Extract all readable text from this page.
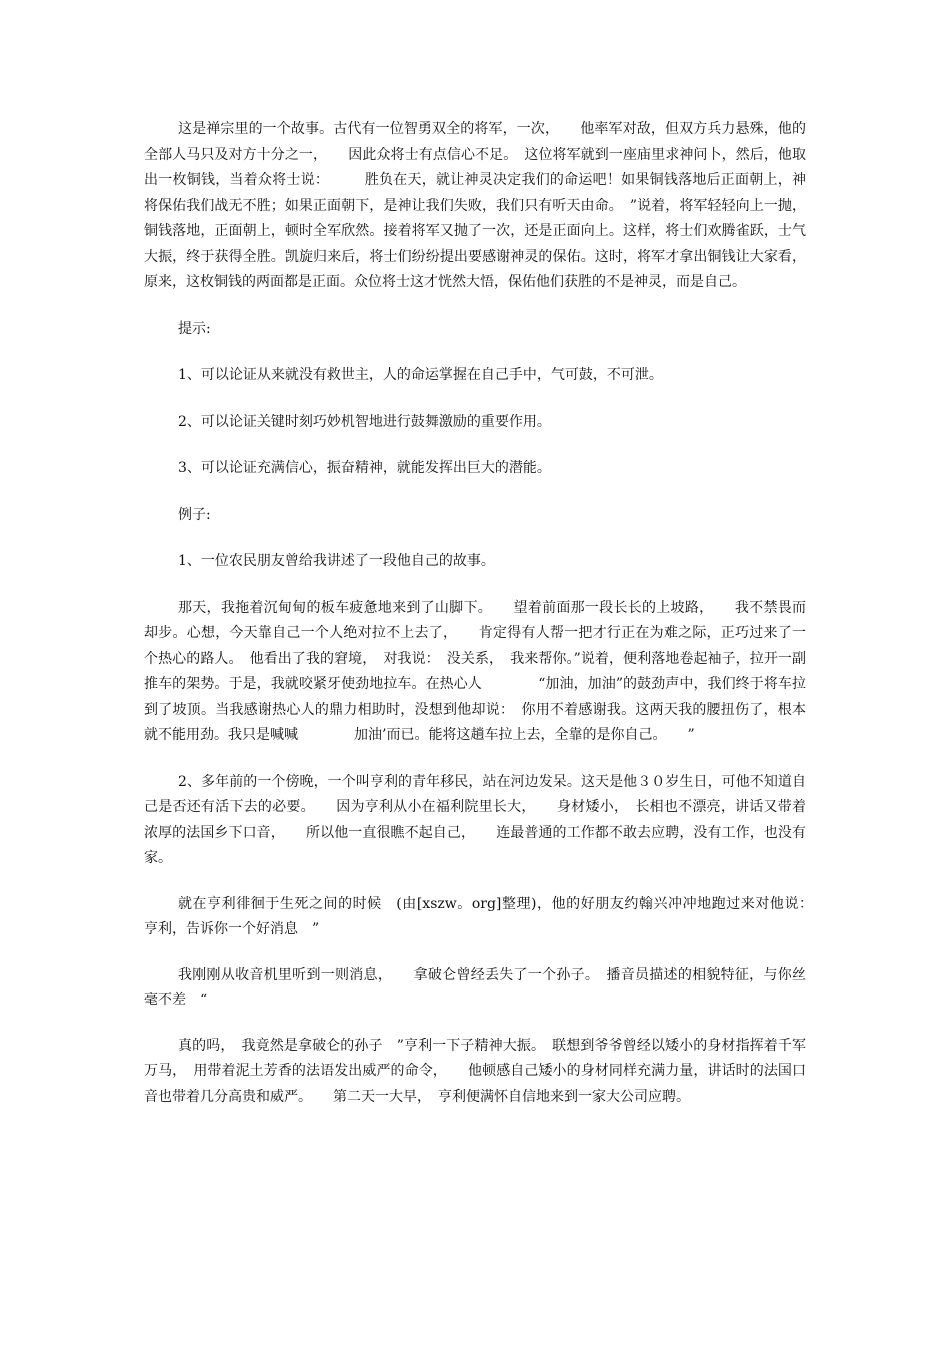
这是禅宗里的一个故事。古代有一位智勇双全的将军，一次，　　他率军对敌，但双方兵力悬殊，他的全部人马只及对方十分之一，　　因此众将士有点信心不足。　这位将军就到一座庙里求神问卜，然后，他取出一枚铜钱，当着众将士说：　　　胜负在天，就让神灵决定我们的命运吧！如果铜钱落地后正面朝上，神将保佑我们战无不胜；如果正面朝下，是神让我们失败，我们只有听天由命。　”说着，将军轻轻向上一抛，铜钱落地，正面朝上，顿时全军欣然。接着将军又抛了一次，还是正面向上。这样，将士们欢腾雀跃，士气大振，终于获得全胜。凯旋归来后，将士们纷纷提出要感谢神灵的保佑。这时，将军才拿出铜钱让大家看，原来，这枚铜钱的两面都是正面。众位将士这才恍然大悟，保佑他们获胜的不是神灵，而是自己。

提示:

1、可以论证从来就没有救世主，人的命运掌握在自己手中，气可鼓，不可泄。

2、可以论证关键时刻巧妙机智地进行鼓舞激励的重要作用。

3、可以论证充满信心，振奋精神，就能发挥出巨大的潜能。

例子:

1、一位农民朋友曾给我讲述了一段他自己的故事。

那天，我拖着沉甸甸的板车疲惫地来到了山脚下。　　望着前面那一段长长的上坡路，　　我不禁畏而却步。心想，今天靠自己一个人绝对拉不上去了，　　肯定得有人帮一把才行正在为难之际，正巧过来了一个热心的路人。　他看出了我的窘境，　对我说：　没关系，　我来帮你。”说着，便利落地卷起袖子，拉开一副推车的架势。于是，我就咬紧牙使劲地拉车。在热心人　　　　“加油，加油”的鼓劲声中，我们终于将车拉到了坡顶。当我感谢热心人的鼎力相助时，没想到他却说：　你用不着感谢我。这两天我的腰扭伤了，根本就不能用劲。我只是喊喊　　　　加油’而已。能将这趟车拉上去，全靠的是你自己。　　”

2、多年前的一个傍晚，一个叫亨利的青年移民，站在河边发呆。这天是他３０岁生日，可他不知道自己是否还有活下去的必要。　　因为亨利从小在福利院里长大，　　身材矮小，　长相也不漂亮，讲话又带着浓厚的法国乡下口音，　　所以他一直很瞧不起自己，　　连最普通的工作都不敢去应聘，没有工作，也没有家。

就在亨利徘徊于生死之间的时候　(由[xszw。org]整理)，他的好朋友约翰兴冲冲地跑过来对他说：　亨利，告诉你一个好消息　”

我刚刚从收音机里听到一则消息，　　拿破仑曾经丢失了一个孙子。　播音员描述的相貌特征，与你丝毫不差　“

真的吗，　我竟然是拿破仑的孙子　”亨利一下子精神大振。　联想到爷爷曾经以矮小的身材指挥着千军万马，　用带着泥土芳香的法语发出威严的命令，　　他顿感自己矮小的身材同样充满力量，讲话时的法国口音也带着几分高贵和威严。　　第二天一大早，　亨利便满怀自信地来到一家大公司应聘。
